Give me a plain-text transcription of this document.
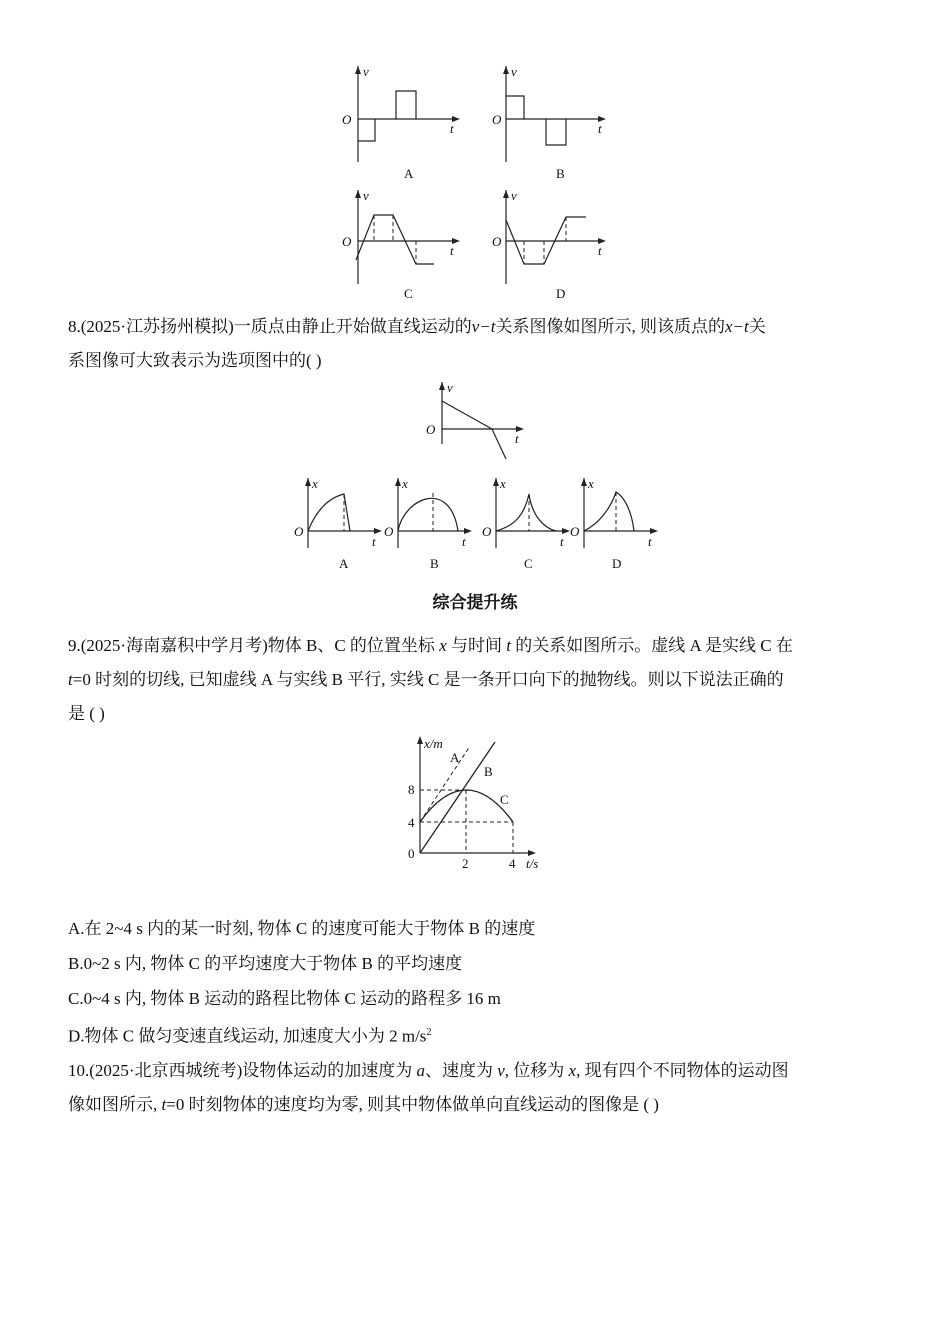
v
O
t
A
v
O
t
B
v
O
t
C
v
O
t
D

8.(2025·江苏扬州模拟)一质点由静止开始做直线运动的v−t关系图像如图所示, 则该质点的x−t关

系图像可大致表示为选项图中的( )

v
O
t
x
O
t
A
x
O
t
B
x
O
t
C
x
O
t
D
综合提升练

9.(2025·海南嘉积中学月考)物体 B、C 的位置坐标 x 与时间 t 的关系如图所示。虚线 A 是实线 C 在

t=0 时刻的切线, 已知虚线 A 与实线 B 平行, 实线 C 是一条开口向下的抛物线。则以下说法正确的

是 ( )

x/m
t/s
0
8
4
2	4
A
B
C
A.在 2~4 s 内的某一时刻, 物体 C 的速度可能大于物体 B 的速度
B.0~2 s 内, 物体 C 的平均速度大于物体 B 的平均速度
C.0~4 s 内, 物体 B 运动的路程比物体 C 运动的路程多 16 m
D.物体 C 做匀变速直线运动, 加速度大小为 2 $m/s^2$

10.(2025·北京西城统考)设物体运动的加速度为 a、速度为 v, 位移为 x, 现有四个不同物体的运动图

像如图所示, t=0 时刻物体的速度均为零, 则其中物体做单向直线运动的图像是 ( )
